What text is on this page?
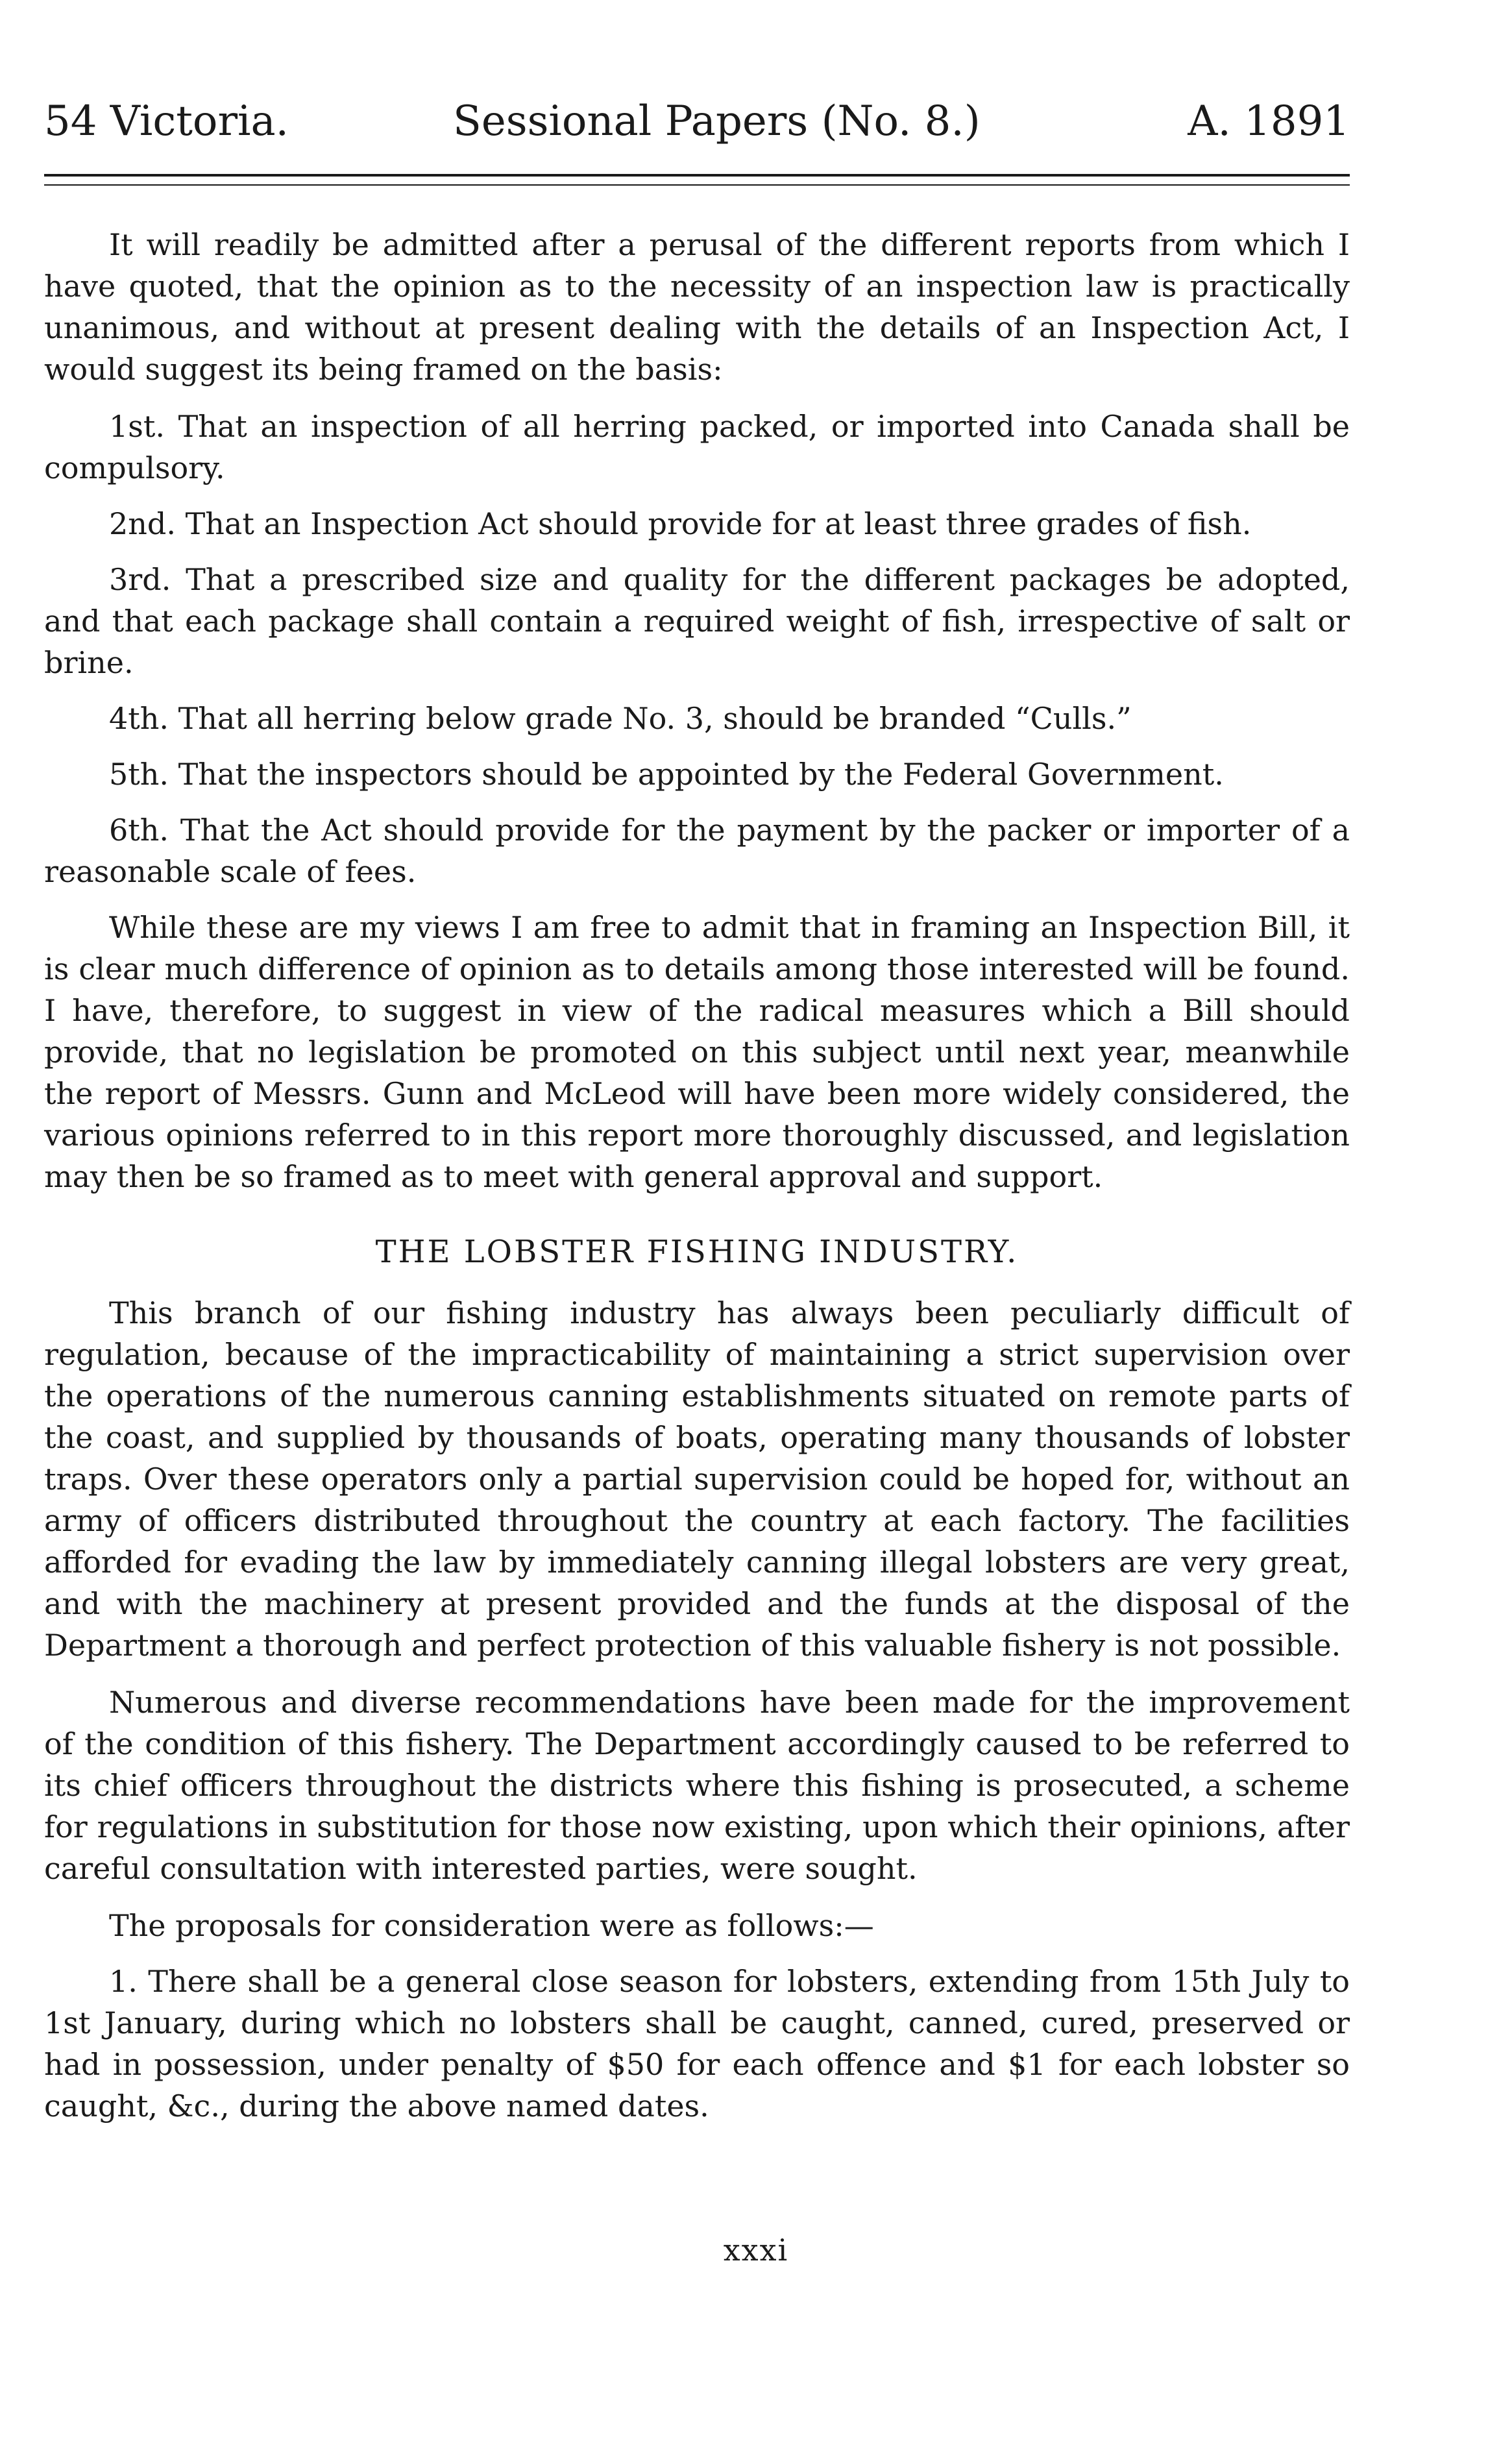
54 Victoria.	Sessional Papers (No. 8.)	A. 1891

It will readily be admitted after a perusal of the different reports from which I have quoted, that the opinion as to the necessity of an inspection law is practically unanimous, and without at present dealing with the details of an Inspection Act, I would suggest its being framed on the basis:

1st. That an inspection of all herring packed, or imported into Canada shall be compulsory.

2nd. That an Inspection Act should provide for at least three grades of fish.

3rd. That a prescribed size and quality for the different packages be adopted, and that each package shall contain a required weight of fish, irrespective of salt or brine.

4th. That all herring below grade No. 3, should be branded “Culls.”

5th. That the inspectors should be appointed by the Federal Government.

6th. That the Act should provide for the payment by the packer or importer of a reasonable scale of fees.

While these are my views I am free to admit that in framing an Inspection Bill, it is clear much difference of opinion as to details among those interested will be found. I have, therefore, to suggest in view of the radical measures which a Bill should provide, that no legislation be promoted on this subject until next year, meanwhile the report of Messrs. Gunn and McLeod will have been more widely considered, the various opinions referred to in this report more thoroughly discussed, and legislation may then be so framed as to meet with general approval and support.

THE LOBSTER FISHING INDUSTRY.

This branch of our fishing industry has always been peculiarly difficult of regulation, because of the impracticability of maintaining a strict supervision over the operations of the numerous canning establishments situated on remote parts of the coast, and supplied by thousands of boats, operating many thousands of lobster traps. Over these operators only a partial supervision could be hoped for, without an army of officers distributed throughout the country at each factory. The facilities afforded for evading the law by immediately canning illegal lobsters are very great, and with the machinery at present provided and the funds at the disposal of the Department a thorough and perfect protection of this valuable fishery is not possible.

Numerous and diverse recommendations have been made for the improvement of the condition of this fishery. The Department accordingly caused to be referred to its chief officers throughout the districts where this fishing is prosecuted, a scheme for regulations in substitution for those now existing, upon which their opinions, after careful consultation with interested parties, were sought.

The proposals for consideration were as follows:—

1. There shall be a general close season for lobsters, extending from 15th July to 1st January, during which no lobsters shall be caught, canned, cured, preserved or had in possession, under penalty of $50 for each offence and $1 for each lobster so caught, &c., during the above named dates.

xxxi
